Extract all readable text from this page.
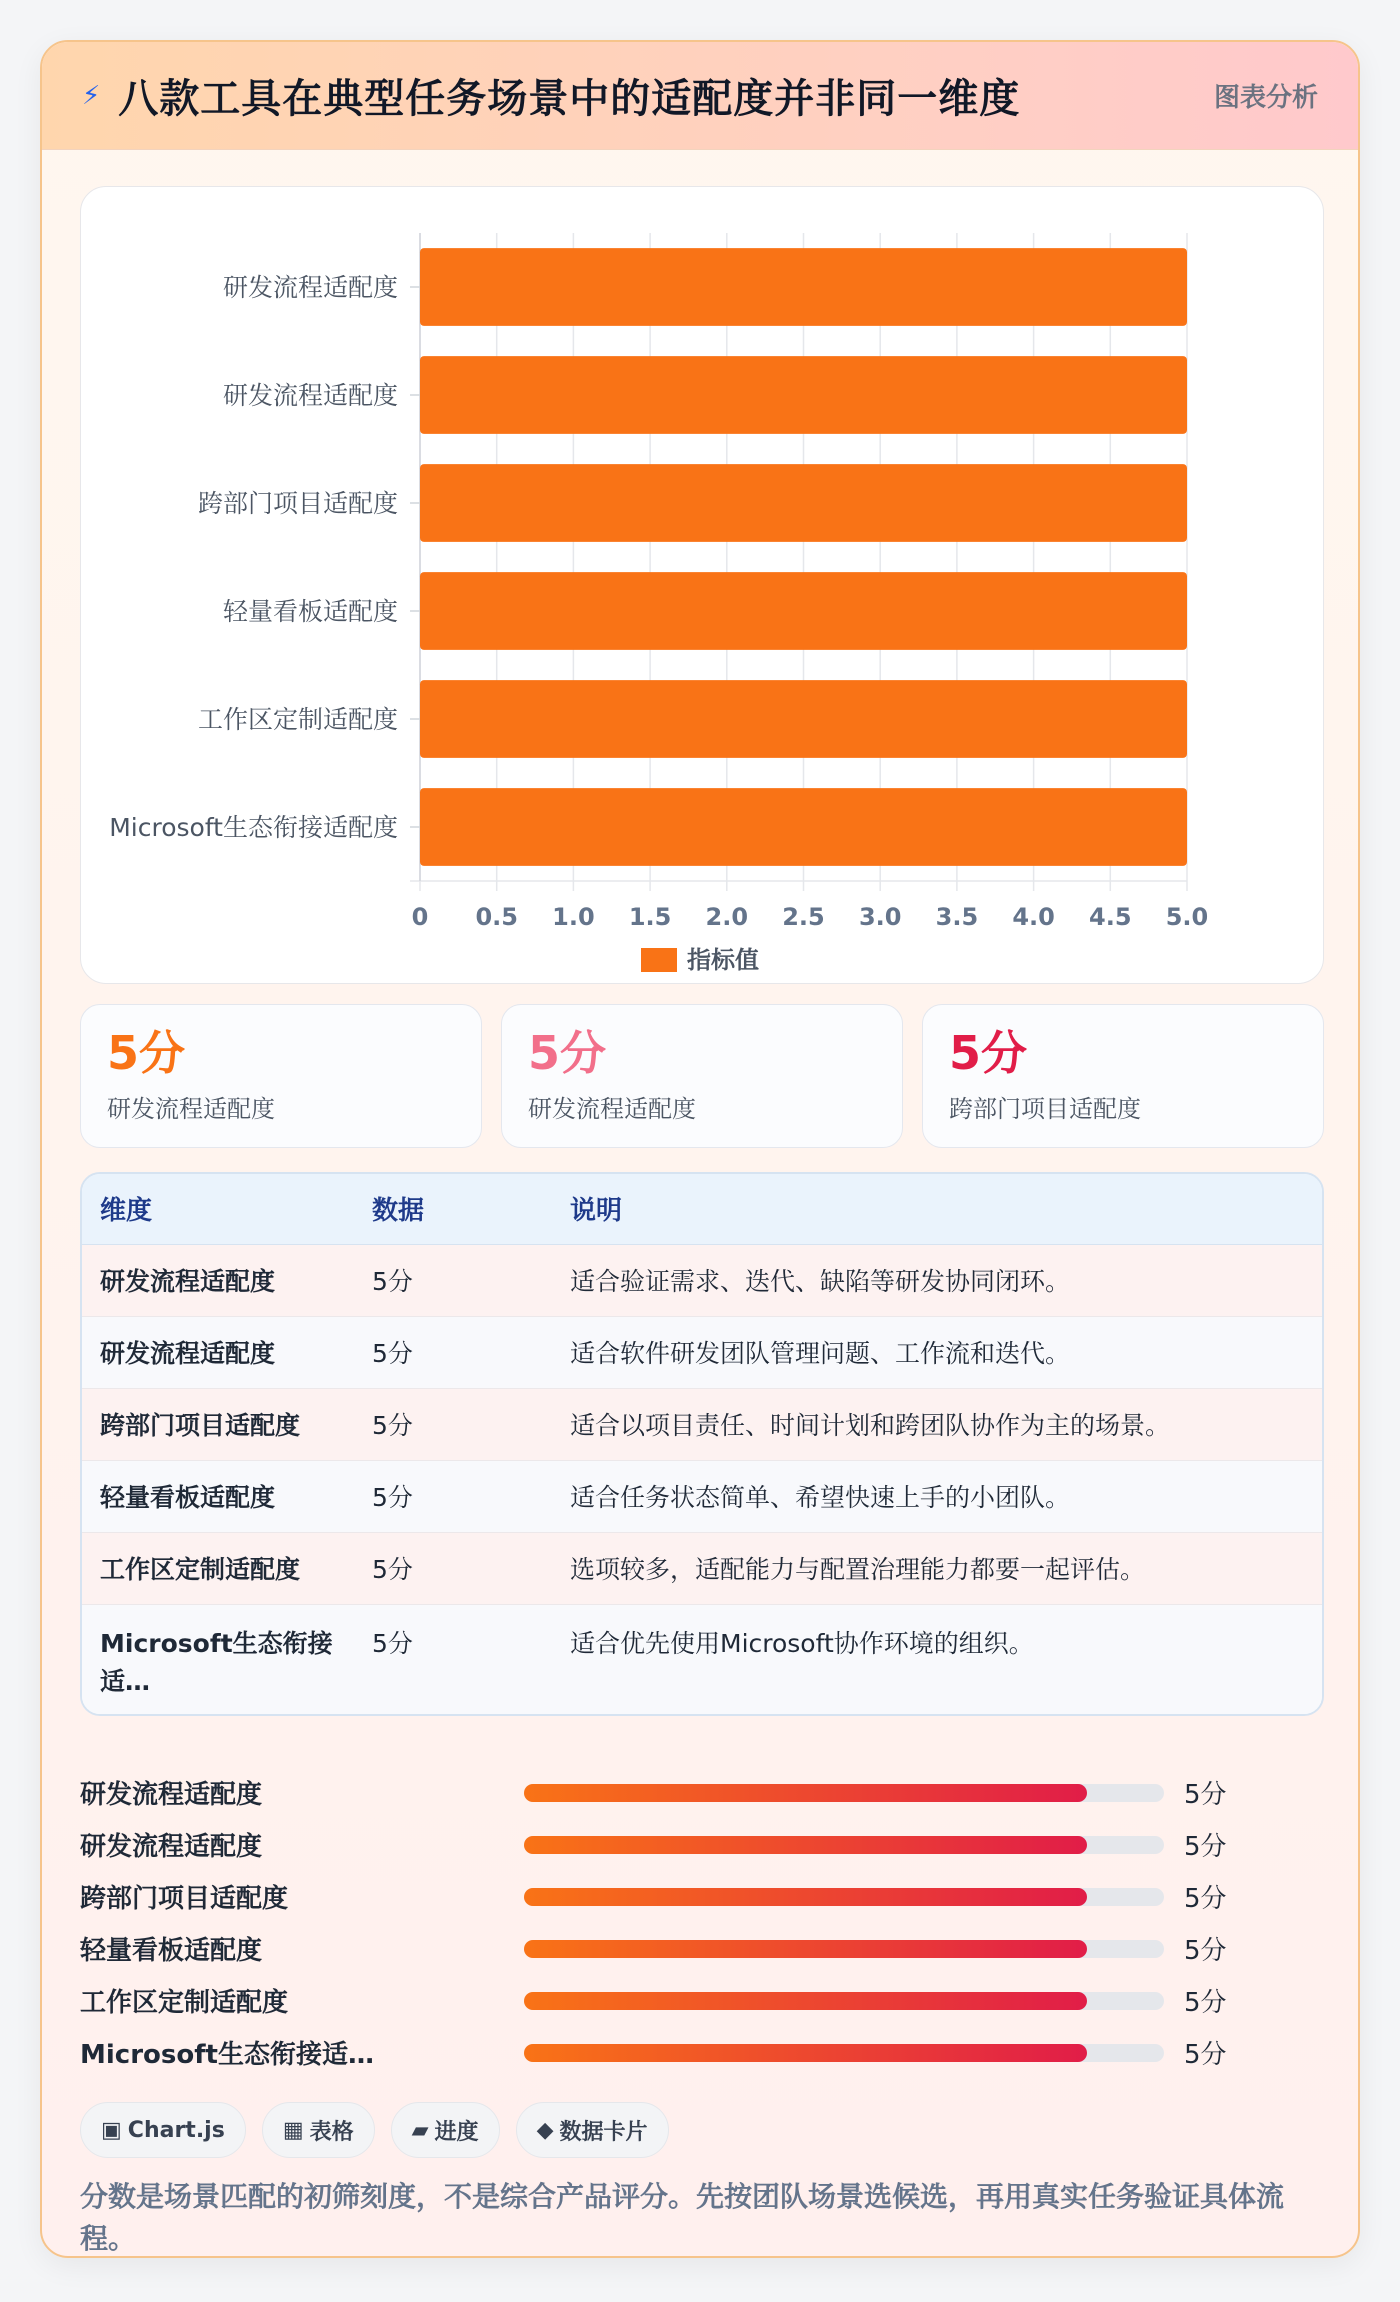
⚡ 八款工具在典型任务场景中的适配度并非同一维度	图表分析
0 0.5 1.0 1.5 2.0 2.5 3.0 3.5 4.0 4.5 5.0
研发流程适配度
研发流程适配度
跨部门项目适配度
轻量看板适配度
工作区定制适配度
Microsoft生态衔接适配度
指标值
5分
研发流程适配度
5分
研发流程适配度
5分
跨部门项目适配度
维度	数据	说明
研发流程适配度	5分	适合验证需求、迭代、缺陷等研发协同闭环。
研发流程适配度	5分	适合软件研发团队管理问题、工作流和迭代。
跨部门项目适配度	5分	适合以项目责任、时间计划和跨团队协作为主的场景。
轻量看板适配度	5分	适合任务状态简单、希望快速上手的小团队。
工作区定制适配度	5分	选项较多，适配能力与配置治理能力都要一起评估。
Microsoft生态衔接适…	5分	适合优先使用Microsoft协作环境的组织。
研发流程适配度	5分
研发流程适配度	5分
跨部门项目适配度	5分
轻量看板适配度	5分
工作区定制适配度	5分
Microsoft生态衔接适…	5分
▣ Chart.js	▦ 表格	▰ 进度	◆ 数据卡片
分数是场景匹配的初筛刻度，不是综合产品评分。先按团队场景选候选，再用真实任务验证具体流程。
